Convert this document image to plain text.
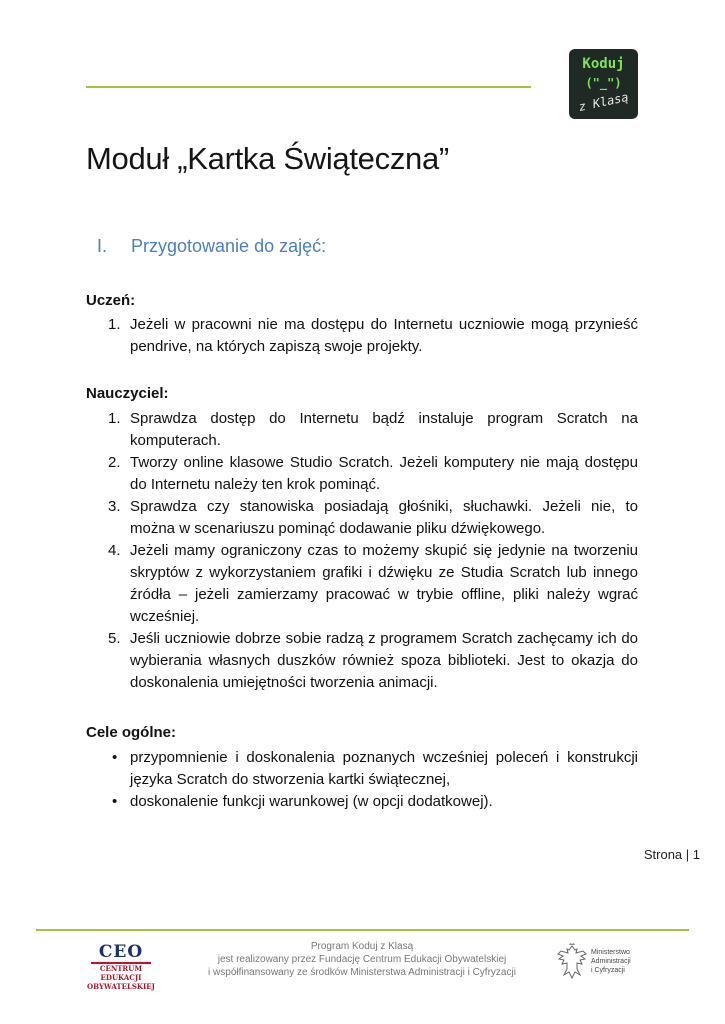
Koduj
("_")
z Klasą
Moduł „Kartka Świąteczna”
I. Przygotowanie do zajęć:
Uczeń:
1. Jeżeli w pracowni nie ma dostępu do Internetu uczniowie mogą przynieść pendrive, na których zapiszą swoje projekty.
Nauczyciel:
1. Sprawdza dostęp do Internetu bądź instaluje program Scratch na komputerach.
2. Tworzy online klasowe Studio Scratch. Jeżeli komputery nie mają dostępu do Internetu należy ten krok pominąć.
3. Sprawdza czy stanowiska posiadają głośniki, słuchawki. Jeżeli nie, to można w scenariuszu pominąć dodawanie pliku dźwiękowego.
4. Jeżeli mamy ograniczony czas to możemy skupić się jedynie na tworzeniu skryptów z wykorzystaniem grafiki i dźwięku ze Studia Scratch lub innego źródła – jeżeli zamierzamy pracować w trybie offline, pliki należy wgrać wcześniej.
5. Jeśli uczniowie dobrze sobie radzą z programem Scratch zachęcamy ich do wybierania własnych duszków również spoza biblioteki. Jest to okazja do doskonalenia umiejętności tworzenia animacji.
Cele ogólne:
• przypomnienie i doskonalenia poznanych wcześniej poleceń i konstrukcji języka Scratch do stworzenia kartki świątecznej,
• doskonalenie funkcji warunkowej (w opcji dodatkowej).
Strona | 1
CEO
CENTRUM EDUKACJI
OBYWATELSKIEJ
Program Koduj z Klasą
jest realizowany przez Fundację Centrum Edukacji Obywatelskiej
i współfinansowany ze środków Ministerstwa Administracji i Cyfryzacji
Ministerstwo
Administracji
i Cyfryzacji
